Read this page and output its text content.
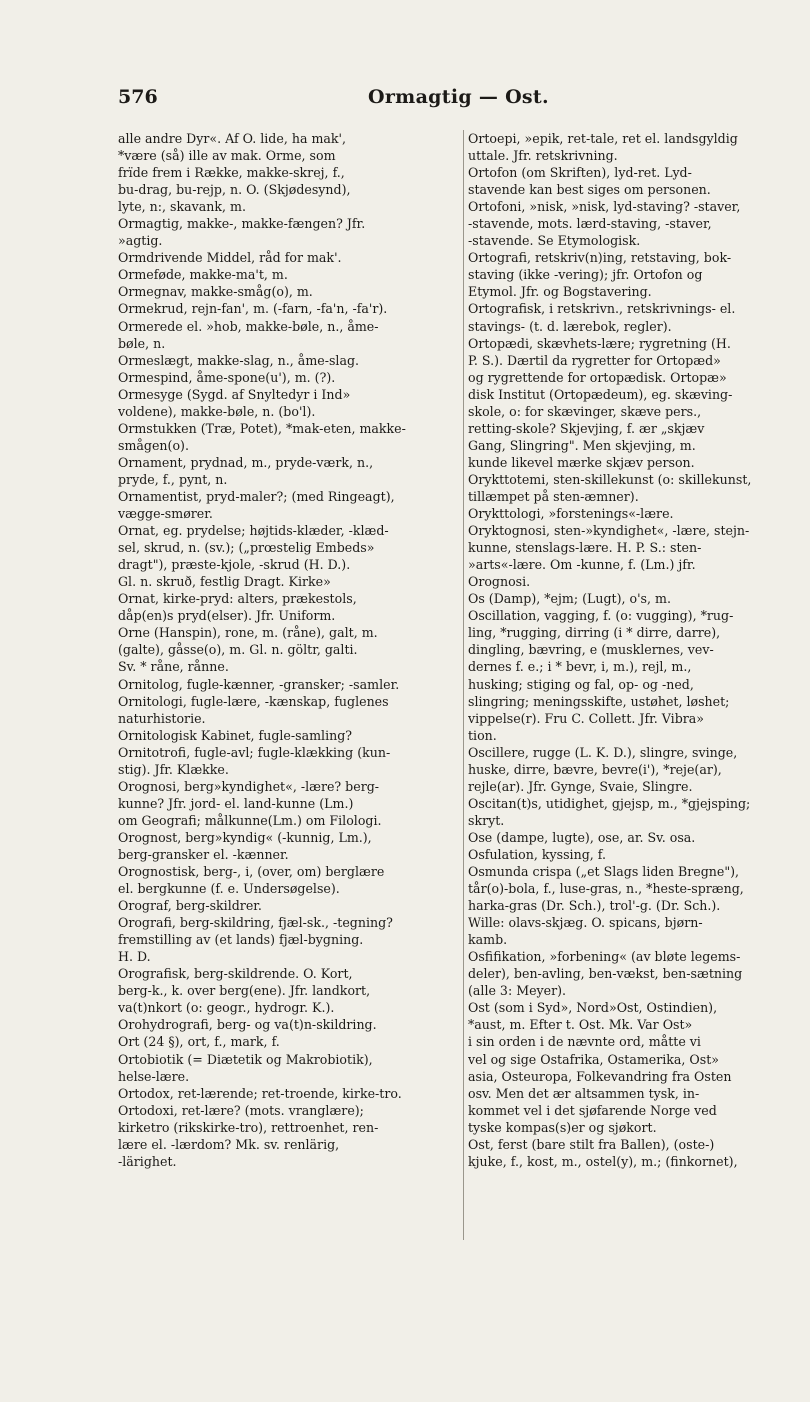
576	Ormagtig — Ost.
alle andre Dyr«. Af O. lide, ha mak',
*være (så) ille av mak. Orme, som
frïde frem i Række, makke-skrej, f.,
bu-drag, bu-rejp, n. O. (Skjødesynd),
lyte, n:, skavank, m.
Ormagtig, makke-, makke-fængen? Jfr.
»agtig.
Ormdrivende Middel, råd for mak'.
Ormeføde, makke-ma't, m.
Ormegnav, makke-småg(o), m.
Ormekrud, rejn-fan', m. (-farn, -fa'n, -fa'r).
Ormerede el. »hob, makke-bøle, n., åme-
bøle, n.
Ormeslægt, makke-slag, n., åme-slag.
Ormespind, åme-spone(u'), m. (?).
Ormesyge (Sygd. af Snyltedyr i Ind»
voldene), makke-bøle, n. (bo'l).
Ormstukken (Træ, Potet), *mak-eten, makke-
smågen(o).
Ornament, prydnad, m., pryde-værk, n.,
pryde, f., pynt, n.
Ornamentist, pryd-maler?; (med Ringeagt),
vægge-smører.
Ornat, eg. prydelse; højtids-klæder, -klæd-
sel, skrud, n. (sv.); („prœstelig Embeds»
dragt"), præste-kjole, -skrud (H. D.).
Gl. n. skruð, festlig Dragt. Kirke»
Ornat, kirke-pryd: alters, prækestols,
dåp(en)s pryd(elser). Jfr. Uniform.
Orne (Hanspin), rone, m. (råne), galt, m.
(galte), gåsse(o), m. Gl. n. göltr, galti.
Sv. * råne, rånne.
Ornitolog, fugle-kænner, -gransker; -samler.
Ornitologi, fugle-lære, -kænskap, fuglenes
naturhistorie.
Ornitologisk Kabinet, fugle-samling?
Ornitotrofi, fugle-avl; fugle-klækking (kun-
stig). Jfr. Klække.
Orognosi, berg»kyndighet«, -lære? berg-
kunne? Jfr. jord- el. land-kunne (Lm.)
om Geografi; målkunne(Lm.) om Filologi.
Orognost, berg»kyndig« (-kunnig, Lm.),
berg-gransker el. -kænner.
Orognostisk, berg-, i, (over, om) berglære
el. bergkunne (f. e. Undersøgelse).
Orograf, berg-skildrer.
Orografi, berg-skildring, fjæl-sk., -tegning?
fremstilling av (et lands) fjæl-bygning.
H. D.
Orografisk, berg-skildrende. O. Kort,
berg-k., k. over berg(ene). Jfr. landkort,
va(t)nkort (o: geogr., hydrogr. K.).
Orohydrografi, berg- og va(t)n-skildring.
Ort (24 §), ort, f., mark, f.
Ortobiotik (= Diætetik og Makrobiotik),
helse-lære.
Ortodox, ret-lærende; ret-troende, kirke-tro.
Ortodoxi, ret-lære? (mots. vranglære);
kirketro (rikskirke-tro), rettroenhet, ren-
lære el. -lærdom? Mk. sv. renlärig,
-lärighet.
Ortoepi, »epik, ret-tale, ret el. landsgyldig
uttale. Jfr. retskrivning.
Ortofon (om Skriften), lyd-ret. Lyd-
stavende kan best siges om personen.
Ortofoni, »nisk, »nisk, lyd-staving? -staver,
-stavende, mots. lærd-staving, -staver,
-stavende. Se Etymologisk.
Ortografi, retskriv(n)ing, retstaving, bok-
staving (ikke -vering); jfr. Ortofon og
Etymol. Jfr. og Bogstavering.
Ortografisk, i retskrivn., retskrivnings- el.
stavings- (t. d. lærebok, regler).
Ortopædi, skævhets-lære; rygretning (H.
P. S.). Dærtil da rygretter for Ortopæd»
og rygrettende for ortopædisk. Ortopæ»
disk Institut (Ortopædeum), eg. skæving-
skole, o: for skævinger, skæve pers.,
retting-skole? Skjevjing, f. ær „skjæv
Gang, Slingring". Men skjevjing, m.
kunde likevel mærke skjæv person.
Orykttotemi, sten-skillekunst (o: skillekunst,
tillæmpet på sten-æmner).
Orykttologi, »forstenings«-lære.
Oryktognosi, sten-»kyndighet«, -lære, stejn-
kunne, stenslags-lære. H. P. S.: sten-
»arts«-lære. Om -kunne, f. (Lm.) jfr.
Orognosi.
Os (Damp), *ejm; (Lugt), o's, m.
Oscillation, vagging, f. (o: vugging), *rug-
ling, *rugging, dirring (i * dirre, darre),
dingling, bævring, e (musklernes, vev-
dernes f. e.; i * bevr, i, m.), rejl, m.,
husking; stiging og fal, op- og -ned,
slingring; meningsskifte, ustøhet, løshet;
vippelse(r). Fru C. Collett. Jfr. Vibra»
tion.
Oscillere, rugge (L. K. D.), slingre, svinge,
huske, dirre, bævre, bevre(i'), *reje(ar),
rejle(ar). Jfr. Gynge, Svaie, Slingre.
Oscitan(t)s, utidighet, gjejsp, m., *gjejsping;
skryt.
Ose (dampe, lugte), ose, ar. Sv. osa.
Osfulation, kyssing, f.
Osmunda crispa („et Slags liden Bregne"),
tår(o)-bola, f., luse-gras, n., *heste-spræng,
harka-gras (Dr. Sch.), trol'-g. (Dr. Sch.).
Wille: olavs-skjæg. O. spicans, bjørn-
kamb.
Osfifikation, »forbening« (av bløte legems-
deler), ben-avling, ben-vækst, ben-sætning
(alle 3: Meyer).
Ost (som i Syd», Nord»Ost, Ostindien),
*aust, m. Efter t. Ost. Mk. Var Ost»
i sin orden i de nævnte ord, måtte vi
vel og sige Ostafrika, Ostamerika, Ost»
asia, Osteuropa, Folkevandring fra Osten
osv. Men det ær altsammen tysk, in-
kommet vel i det sjøfarende Norge ved
tyske kompas(s)er og sjøkort.
Ost, ferst (bare stilt fra Ballen), (oste-)
kjuke, f., kost, m., ostel(y), m.; (finkornet),
